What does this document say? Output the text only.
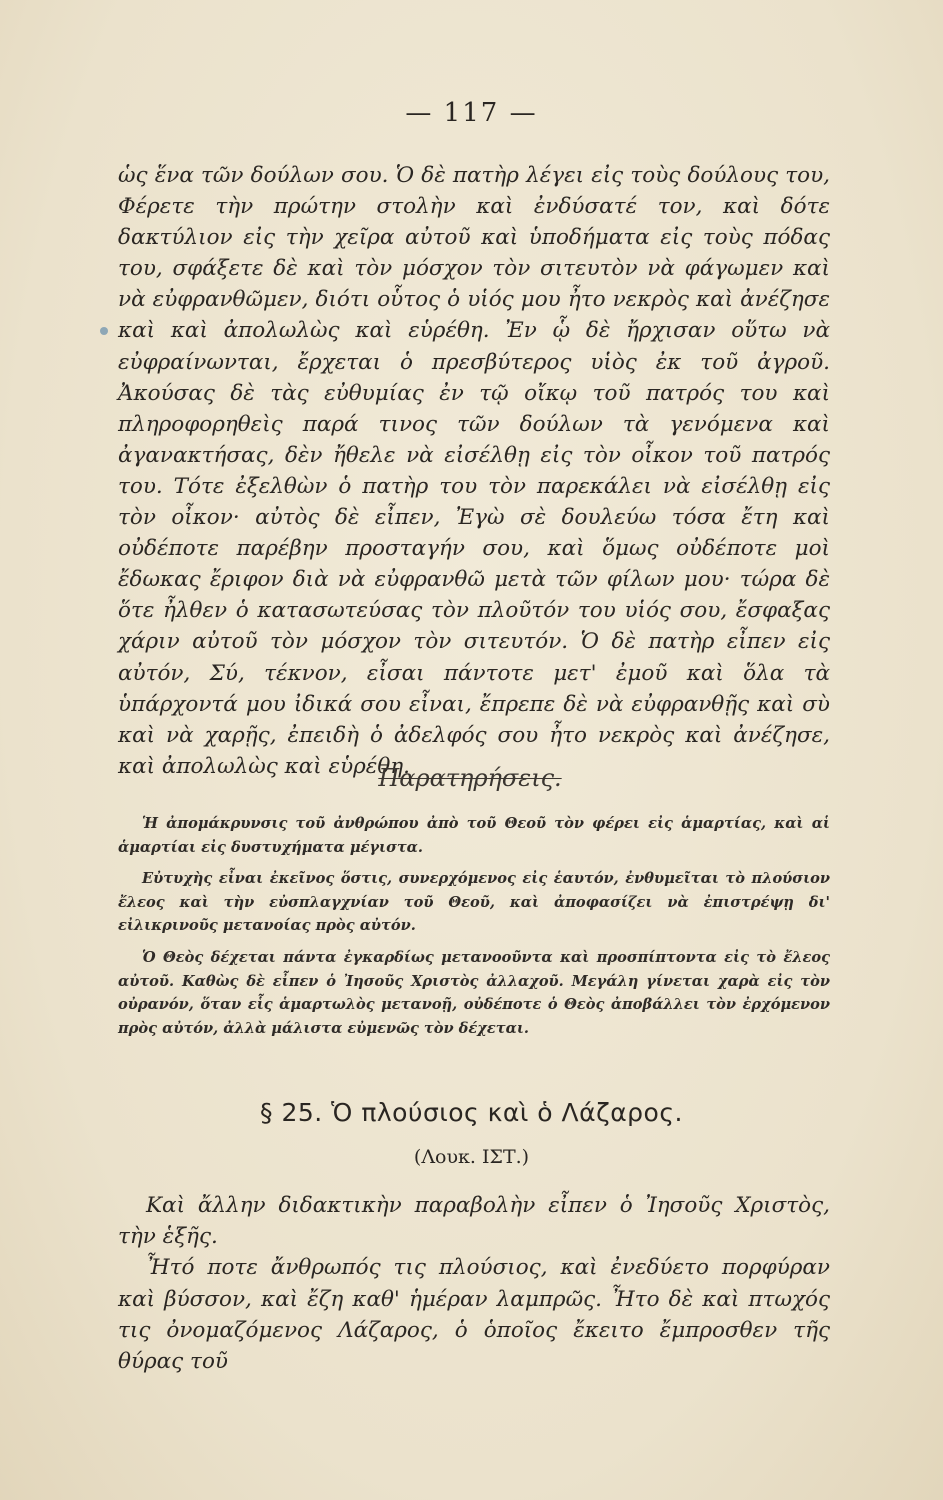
— 117 —

ὡς ἕνα τῶν δούλων σου. Ὁ δὲ πατὴρ λέγει εἰς τοὺς δούλους του, Φέρετε τὴν πρώτην στολὴν καὶ ἐνδύσατέ τον, καὶ δότε δακτύλιον εἰς τὴν χεῖρα αὐτοῦ καὶ ὑποδήματα εἰς τοὺς πόδας του, σφάξετε δὲ καὶ τὸν μόσχον τὸν σιτευτὸν νὰ φάγωμεν καὶ νὰ εὐφρανθῶμεν, διότι οὗτος ὁ υἱός μου ἦτο νεκρὸς καὶ ἀνέζησε καὶ καὶ ἀπολωλὼς καὶ εὑρέθη. Ἐν ᾧ δὲ ἤρχισαν οὕτω νὰ εὐφραίνωνται, ἔρχεται ὁ πρεσβύτερος υἱὸς ἐκ τοῦ ἀγροῦ. Ἀκούσας δὲ τὰς εὐθυμίας ἐν τῷ οἴκῳ τοῦ πατρός του καὶ πληροφορηθεὶς παρά τινος τῶν δούλων τὰ γενόμενα καὶ ἀγανακτήσας, δὲν ἤθελε νὰ εἰσέλθῃ εἰς τὸν οἶκον τοῦ πατρός του. Τότε ἐξελθὼν ὁ πατὴρ του τὸν παρεκάλει νὰ εἰσέλθῃ εἰς τὸν οἶκον· αὐτὸς δὲ εἶπεν, Ἐγὼ σὲ δουλεύω τόσα ἔτη καὶ οὐδέποτε παρέβην προσταγήν σου, καὶ ὅμως οὐδέποτε μοὶ ἔδωκας ἔριφον διὰ νὰ εὐφρανθῶ μετὰ τῶν φίλων μου· τώρα δὲ ὅτε ἦλθεν ὁ κατασωτεύσας τὸν πλοῦτόν του υἱός σου, ἔσφαξας χάριν αὐτοῦ τὸν μόσχον τὸν σιτευτόν. Ὁ δὲ πατὴρ εἶπεν εἰς αὐτόν, Σύ, τέκνον, εἶσαι πάντοτε μετ' ἐμοῦ καὶ ὅλα τὰ ὑπάρχοντά μου ἰδικά σου εἶναι, ἔπρεπε δὲ νὰ εὐφρανθῇς καὶ σὺ καὶ νὰ χαρῇς, ἐπειδὴ ὁ ἀδελφός σου ἦτο νεκρὸς καὶ ἀνέζησε, καὶ ἀπολωλὼς καὶ εὑρέθη.

Παρατηρήσεις.

Ἡ ἀπομάκρυνσις τοῦ ἀνθρώπου ἀπὸ τοῦ Θεοῦ τὸν φέρει εἰς ἁμαρτίας, καὶ αἱ ἁμαρτίαι εἰς δυστυχήματα μέγιστα.

Εὐτυχὴς εἶναι ἐκεῖνος ὅστις, συνερχόμενος εἰς ἑαυτόν, ἐνθυμεῖται τὸ πλούσιον ἔλεος καὶ τὴν εὐσπλαγχνίαν τοῦ Θεοῦ, καὶ ἀποφασίζει νὰ ἐπιστρέψῃ δι' εἰλικρινοῦς μετανοίας πρὸς αὐτόν.

Ὁ Θεὸς δέχεται πάντα ἐγκαρδίως μετανοοῦντα καὶ προσπίπτοντα εἰς τὸ ἔλεος αὐτοῦ. Καθὼς δὲ εἶπεν ὁ Ἰησοῦς Χριστὸς ἀλλαχοῦ. Μεγάλη γίνεται χαρὰ εἰς τὸν οὐρανόν, ὅταν εἷς ἁμαρτωλὸς μετανοῇ, οὐδέποτε ὁ Θεὸς ἀποβάλλει τὸν ἐρχόμενον πρὸς αὐτόν, ἀλλὰ μάλιστα εὐμενῶς τὸν δέχεται.

§ 25. Ὁ πλούσιος καὶ ὁ Λάζαρος.
(Λουκ. ΙΣΤ.)

Καὶ ἄλλην διδακτικὴν παραβολὴν εἶπεν ὁ Ἰησοῦς Χριστὸς, τὴν ἑξῆς.

Ἦτό ποτε ἄνθρωπός τις πλούσιος, καὶ ἐνεδύετο πορφύραν καὶ βύσσον, καὶ ἔζη καθ' ἡμέραν λαμπρῶς. Ἦτο δὲ καὶ πτωχός τις ὀνομαζόμενος Λάζαρος, ὁ ὁποῖος ἔκειτο ἔμπροσθεν τῆς θύρας τοῦ
